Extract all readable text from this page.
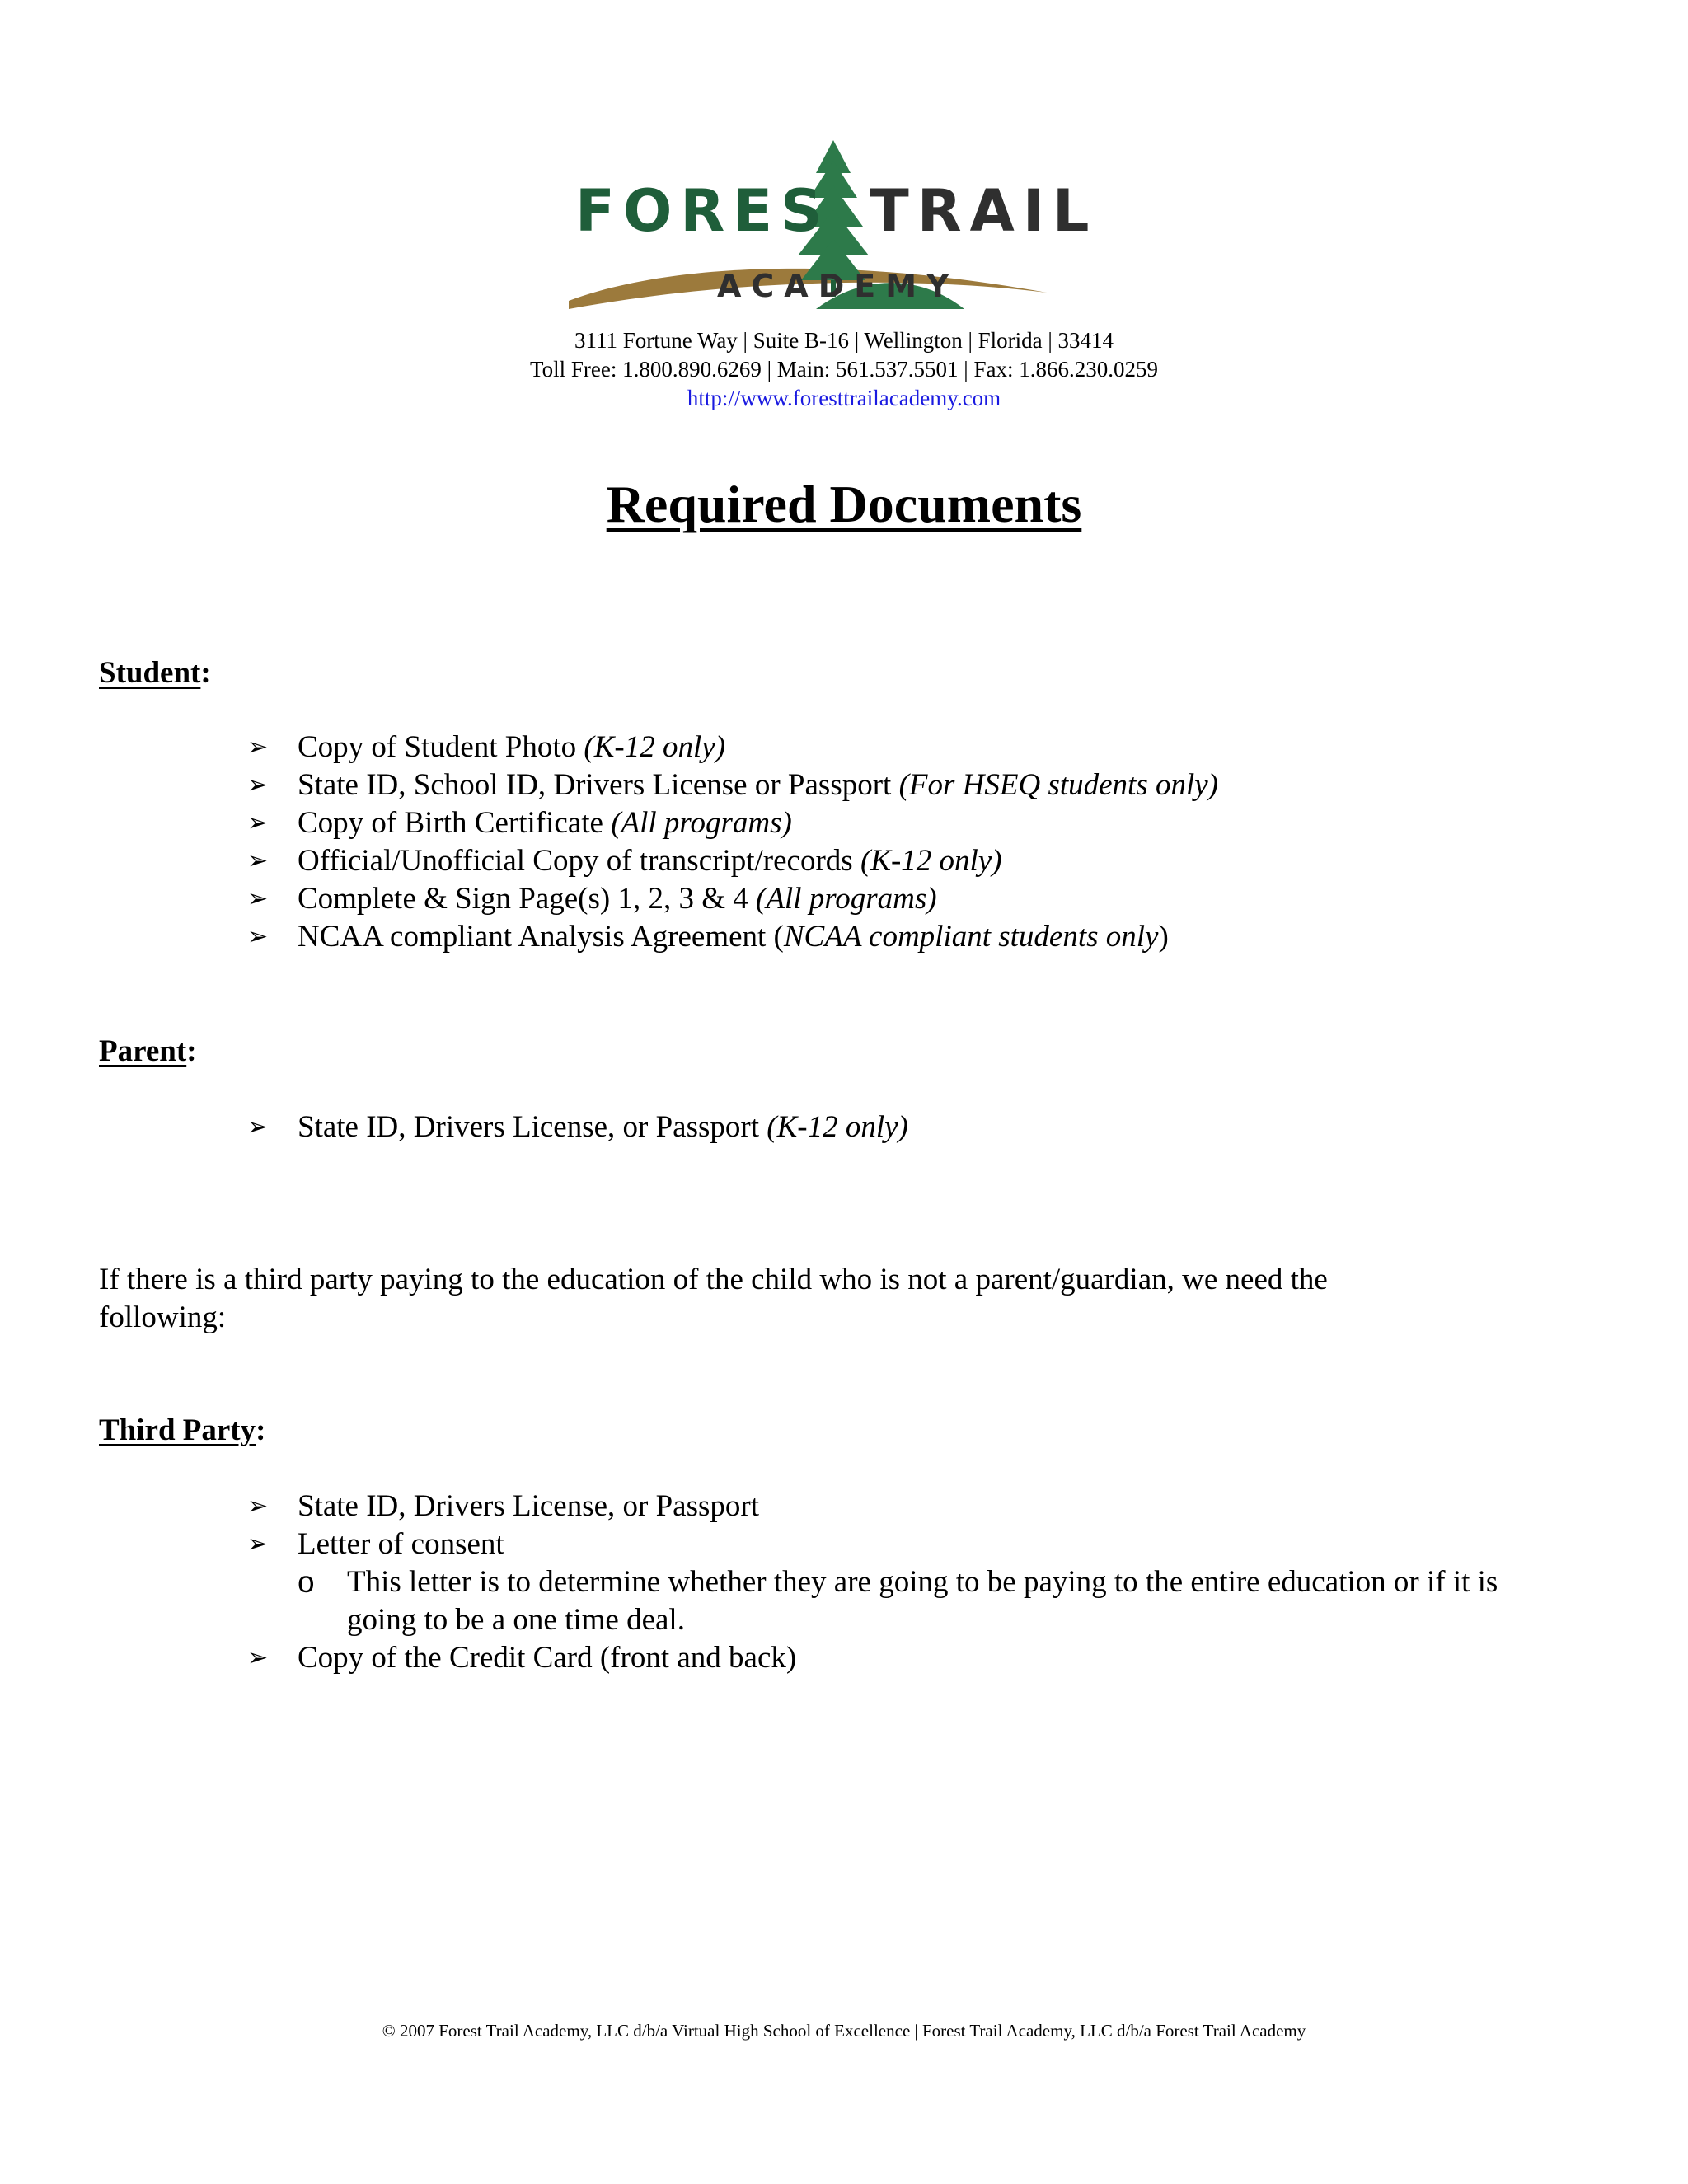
FORES TRAIL
ACADEMY
3111 Fortune Way | Suite B-16 | Wellington | Florida | 33414
Toll Free: 1.800.890.6269 | Main: 561.537.5501 | Fax: 1.866.230.0259
http://www.foresttrailacademy.com
Required Documents
Student:
➢ Copy of Student Photo (K-12 only)
➢ State ID, School ID, Drivers License or Passport (For HSEQ students only)
➢ Copy of Birth Certificate (All programs)
➢ Official/Unofficial Copy of transcript/records (K-12 only)
➢ Complete & Sign Page(s) 1, 2, 3 & 4 (All programs)
➢ NCAA compliant Analysis Agreement (NCAA compliant students only)
Parent:
➢ State ID, Drivers License, or Passport (K-12 only)
If there is a third party paying to the education of the child who is not a parent/guardian, we need the following:
Third Party:
➢ State ID, Drivers License, or Passport
➢ Letter of consent
o This letter is to determine whether they are going to be paying to the entire education or if it is going to be a one time deal.
➢ Copy of the Credit Card (front and back)
© 2007 Forest Trail Academy, LLC d/b/a Virtual High School of Excellence | Forest Trail Academy, LLC d/b/a Forest Trail Academy
